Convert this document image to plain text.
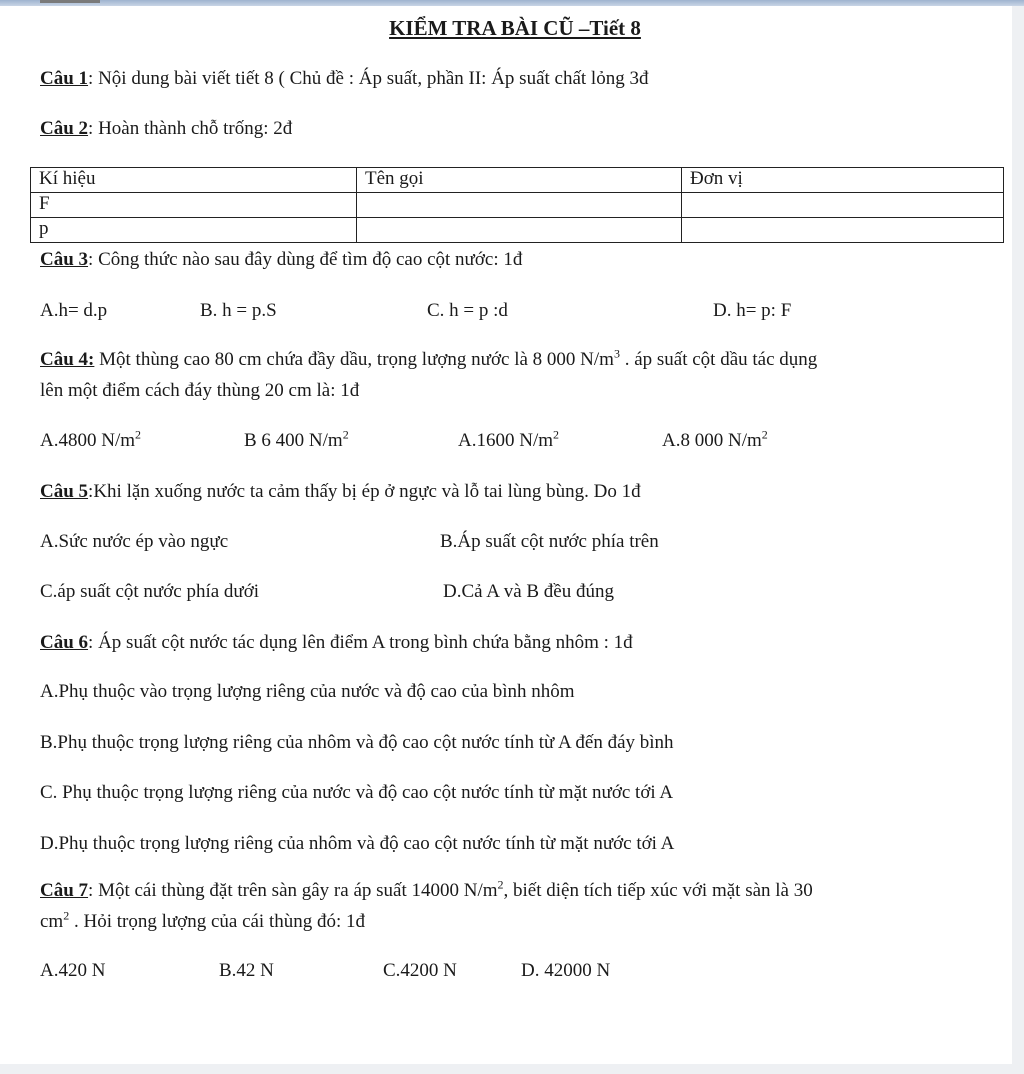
KIỂM TRA BÀI CŨ –Tiết 8
Câu 1: Nội dung bài viết tiết 8 ( Chủ đề : Áp suất, phần II: Áp suất chất lỏng 3đ
Câu 2: Hoàn thành chỗ trống: 2đ
Kí hiệu	Tên gọi	Đơn vị
F		
p		
Câu 3: Công thức nào sau đây dùng để tìm độ cao cột nước: 1đ
A.h= d.p	B. h = p.S	C. h = p :d	D. h= p: F
Câu 4: Một thùng cao 80 cm chứa đầy dầu, trọng lượng nước là 8 000 $N/m^3$ . áp suất cột dầu tác dụng
lên một điểm cách đáy thùng 20 cm là: 1đ
A.4800 $N/m^2$	B 6 400 $N/m^2$	A.1600 $N/m^2$	A.8 000 $N/m^2$
Câu 5:Khi lặn xuống nước ta cảm thấy bị ép ở ngực và lỗ tai lùng bùng. Do 1đ
A.Sức nước ép vào ngực	B.Áp suất cột nước phía trên
C.áp suất cột nước phía dưới	D.Cả A và B đều đúng
Câu 6: Áp suất cột nước tác dụng lên điểm A trong bình chứa bằng nhôm : 1đ
A.Phụ thuộc vào trọng lượng riêng của nước và độ cao của bình nhôm
B.Phụ thuộc trọng lượng riêng của nhôm và độ cao cột nước tính từ A đến đáy bình
C. Phụ thuộc trọng lượng riêng của nước và độ cao cột nước tính từ mặt nước tới A
D.Phụ thuộc trọng lượng riêng của nhôm và độ cao cột nước tính từ mặt nước tới A
Câu 7: Một cái thùng đặt trên sàn gây ra áp suất 14000 $N/m^2$, biết diện tích tiếp xúc với mặt sàn là 30
$cm^2$ . Hỏi trọng lượng của cái thùng đó: 1đ
A.420 N	B.42 N	C.4200 N	D. 42000 N
